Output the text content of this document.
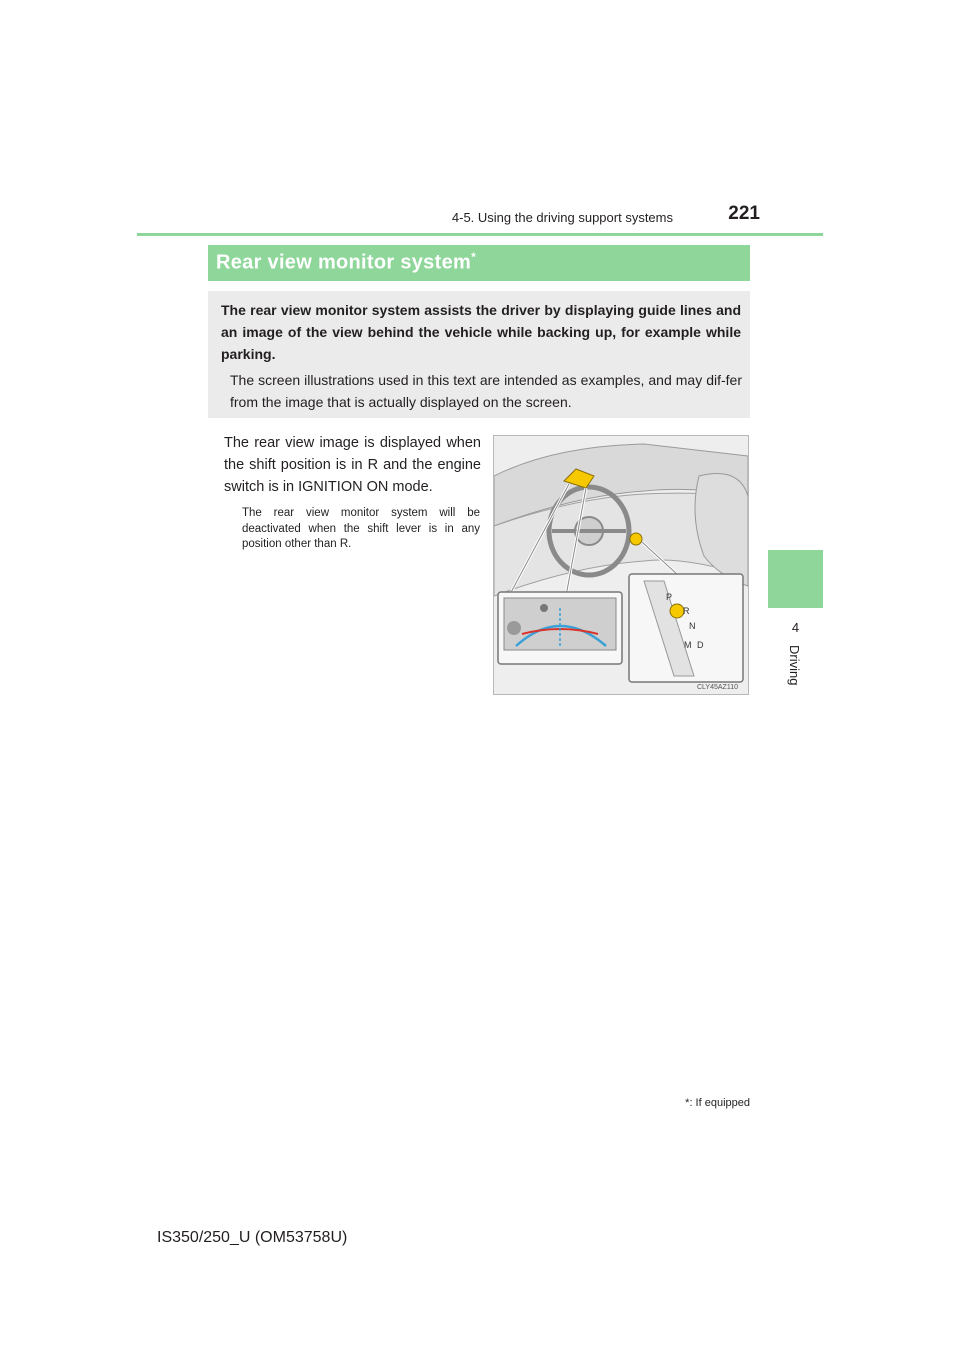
4-5. Using the driving support systems	221
4
Driving
Rear view monitor system*
The rear view monitor system assists the driver by displaying guide lines and an image of the view behind the vehicle while backing up, for example while parking.
The screen illustrations used in this text are intended as examples, and may dif-fer from the image that is actually displayed on the screen.
The rear view image is displayed when the shift position is in R and the engine switch is in IGNITION ON mode.
The rear view monitor system will be deactivated when the shift lever is in any position other than R.
P
R
N
D
M
CLY45AZ110
*: If equipped
IS350/250_U (OM53758U)
